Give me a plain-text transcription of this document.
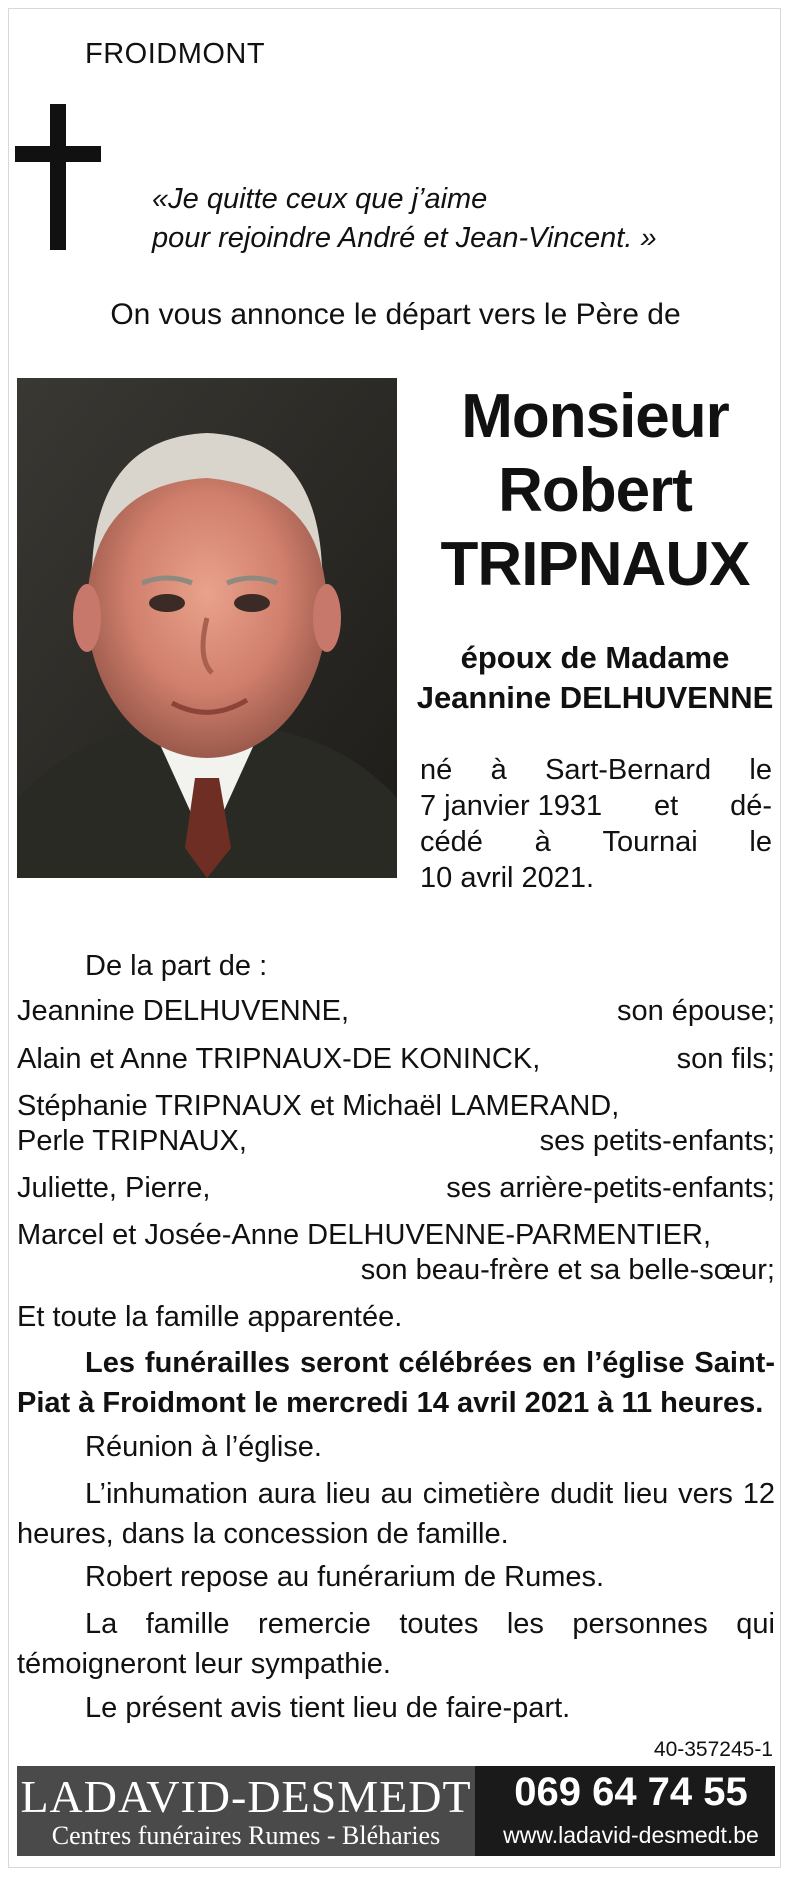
FROIDMONT
«Je quitte ceux que j’aime
pour rejoindre André et Jean-Vincent. »
On vous annonce le départ vers le Père de
Monsieur
Robert
TRIPNAUX
époux de Madame
Jeannine DELHUVENNE
né à Sart-Bernard le
7 janvier 1931 et dé-
cédé à Tournai le
10 avril 2021.
De la part de :
Jeannine DELHUVENNE,	son épouse;
Alain et Anne TRIPNAUX-DE KONINCK,	son fils;
Stéphanie TRIPNAUX et Michaël LAMERAND,
Perle TRIPNAUX,	ses petits-enfants;
Juliette, Pierre,	ses arrière-petits-enfants;
Marcel et Josée-Anne DELHUVENNE-PARMENTIER,
son beau-frère et sa belle-sœur;
Et toute la famille apparentée.
Les funérailles seront célébrées en l’église Saint-Piat à Froidmont le mercredi 14 avril 2021 à 11 heures.
Réunion à l’église.
L’inhumation aura lieu au cimetière dudit lieu vers 12 heures, dans la concession de famille.
Robert repose au funérarium de Rumes.
La famille remercie toutes les personnes qui témoigneront leur sympathie.
Le présent avis tient lieu de faire-part.
40-357245-1
LADAVID-DESMEDT
Centres funéraires Rumes - Bléharies
069 64 74 55
www.ladavid-desmedt.be
